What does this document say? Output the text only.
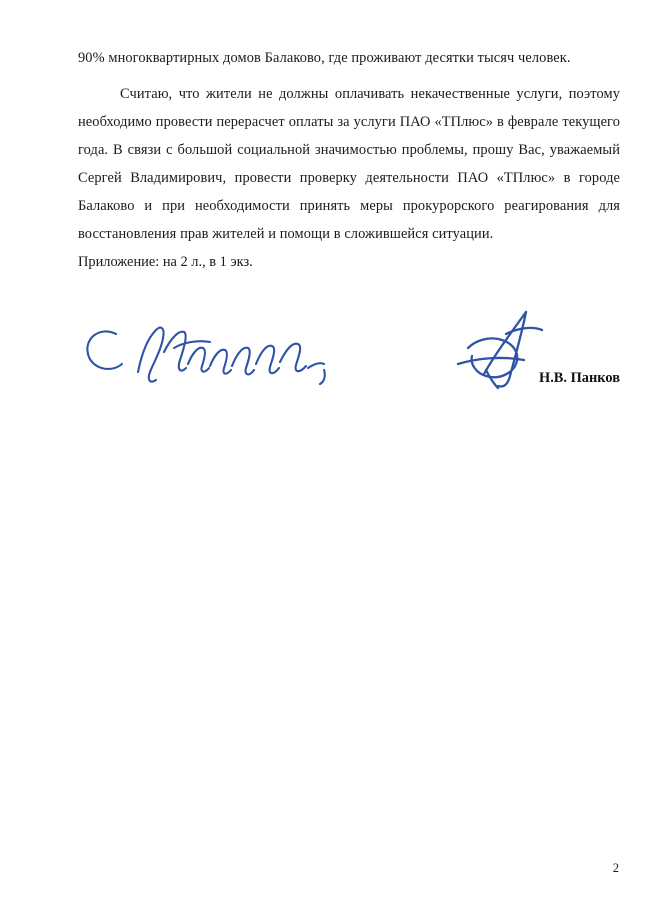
90% многоквартирных домов Балаково, где проживают десятки тысяч человек.

Считаю, что жители не должны оплачивать некачественные услуги, поэтому необходимо провести перерасчет оплаты за услуги ПАО «ТПлюс» в феврале текущего года. В связи с большой социальной значимостью проблемы, прошу Вас, уважаемый Сергей Владимирович, провести проверку деятельности ПАО «ТПлюс» в городе Балаково и при необходимости принять меры прокурорского реагирования для восстановления прав жителей и помощи в сложившейся ситуации.

Приложение: на 2 л., в 1 экз.

Н.В. Панков
2
